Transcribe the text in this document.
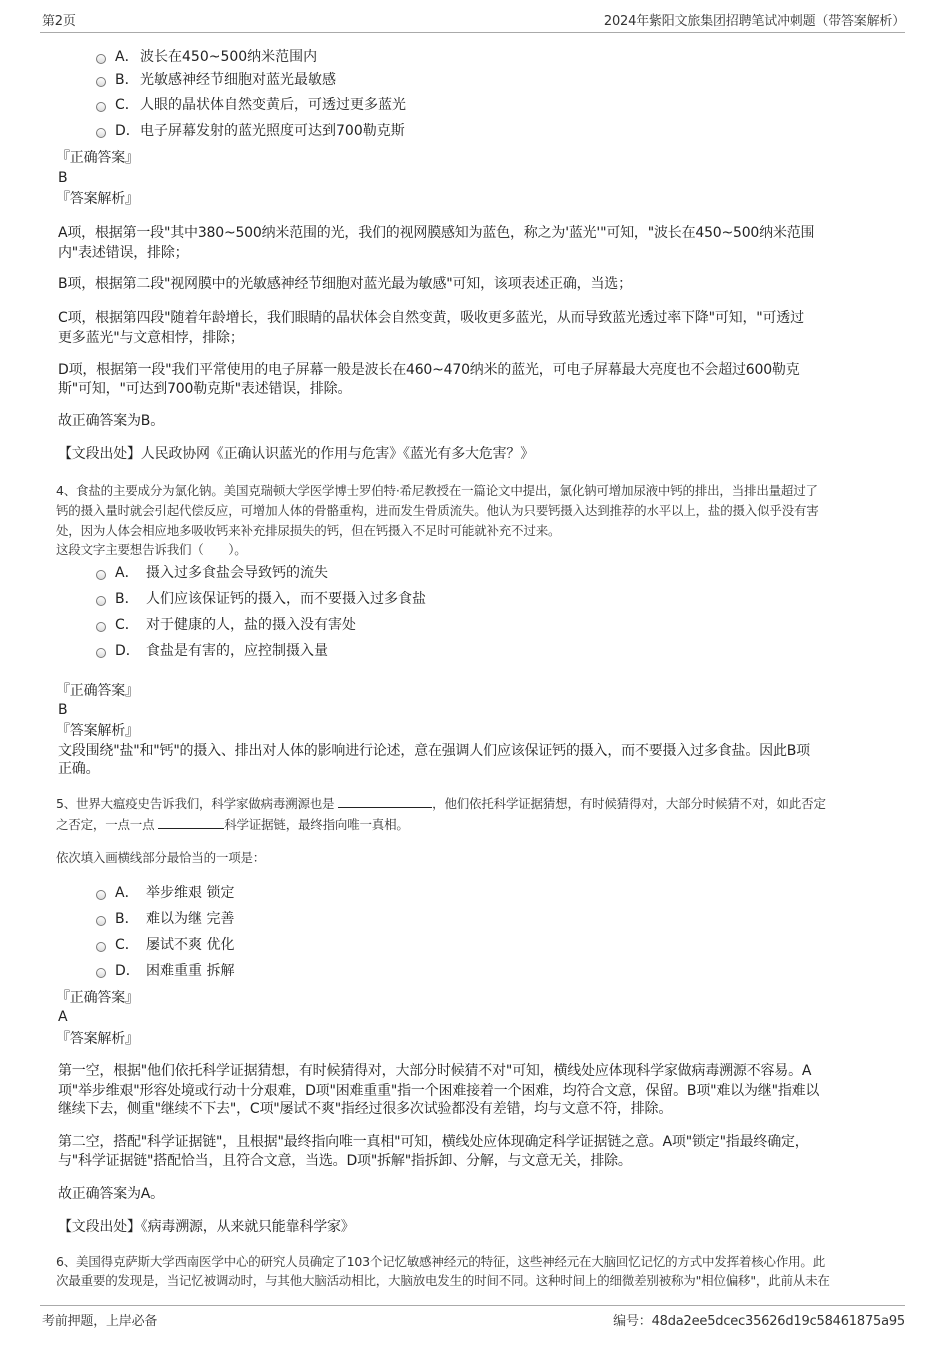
第2页	2024年紫阳文旅集团招聘笔试冲刺题（带答案解析）
5、世界大瘟疫史告诉我们，科学家做病毒溯源也是	，他们依托科学证据猜想，有时候猜得对，大部分时候猜不对，如此否定
之否定，一点一点	科学证据链，最终指向唯一真相。
A． 波长在450~500纳米范围内
B． 光敏感神经节细胞对蓝光最敏感
C． 人眼的晶状体自然变黄后，可透过更多蓝光
D． 电子屏幕发射的蓝光照度可达到700勒克斯
『正确答案』
B
『答案解析』
A项，根据第一段"其中380~500纳米范围的光，我们的视网膜感知为蓝色，称之为'蓝光'"可知，"波长在450~500纳米范围
内"表述错误，排除；
B项，根据第二段"视网膜中的光敏感神经节细胞对蓝光最为敏感"可知，该项表述正确，当选；
C项，根据第四段"随着年龄增长，我们眼睛的晶状体会自然变黄，吸收更多蓝光，从而导致蓝光透过率下降"可知，"可透过
更多蓝光"与文意相悖，排除；
D项，根据第一段"我们平常使用的电子屏幕一般是波长在460~470纳米的蓝光，可电子屏幕最大亮度也不会超过600勒克
斯"可知，"可达到700勒克斯"表述错误，排除。
故正确答案为B。
【文段出处】人民政协网《正确认识蓝光的作用与危害》《蓝光有多大危害？》
4、食盐的主要成分为氯化钠。美国克瑞顿大学医学博士罗伯特·希尼教授在一篇论文中提出，氯化钠可增加尿液中钙的排出，当排出量超过了
钙的摄入量时就会引起代偿反应，可增加人体的骨骼重构，进而发生骨质流失。他认为只要钙摄入达到推荐的水平以上，盐的摄入似乎没有害
处，因为人体会相应地多吸收钙来补充排尿损失的钙，但在钙摄入不足时可能就补充不过来。
这段文字主要想告诉我们（　　）。
A． 摄入过多食盐会导致钙的流失
B． 人们应该保证钙的摄入，而不要摄入过多食盐
C． 对于健康的人，盐的摄入没有害处
D． 食盐是有害的，应控制摄入量
『正确答案』
B
『答案解析』
文段围绕"盐"和"钙"的摄入、排出对人体的影响进行论述，意在强调人们应该保证钙的摄入，而不要摄入过多食盐。因此B项
正确。
依次填入画横线部分最恰当的一项是：
A． 举步维艰 锁定
B． 难以为继 完善
C． 屡试不爽 优化
D． 困难重重 拆解
『正确答案』
A
『答案解析』
第一空，根据"他们依托科学证据猜想，有时候猜得对，大部分时候猜不对"可知，横线处应体现科学家做病毒溯源不容易。A
项"举步维艰"形容处境或行动十分艰难，D项"困难重重"指一个困难接着一个困难，均符合文意，保留。B项"难以为继"指难以
继续下去，侧重"继续不下去"，C项"屡试不爽"指经过很多次试验都没有差错，均与文意不符，排除。
第二空，搭配"科学证据链"，且根据"最终指向唯一真相"可知，横线处应体现确定科学证据链之意。A项"锁定"指最终确定，
与"科学证据链"搭配恰当，且符合文意，当选。D项"拆解"指拆卸、分解，与文意无关，排除。
故正确答案为A。
【文段出处】《病毒溯源，从来就只能靠科学家》
6、美国得克萨斯大学西南医学中心的研究人员确定了103个记忆敏感神经元的特征，这些神经元在大脑回忆记忆的方式中发挥着核心作用。此
次最重要的发现是，当记忆被调动时，与其他大脑活动相比，大脑放电发生的时间不同。这种时间上的细微差别被称为"相位偏移"，此前从未在
考前押题，上岸必备	编号：48da2ee5dcec35626d19c58461875a95
